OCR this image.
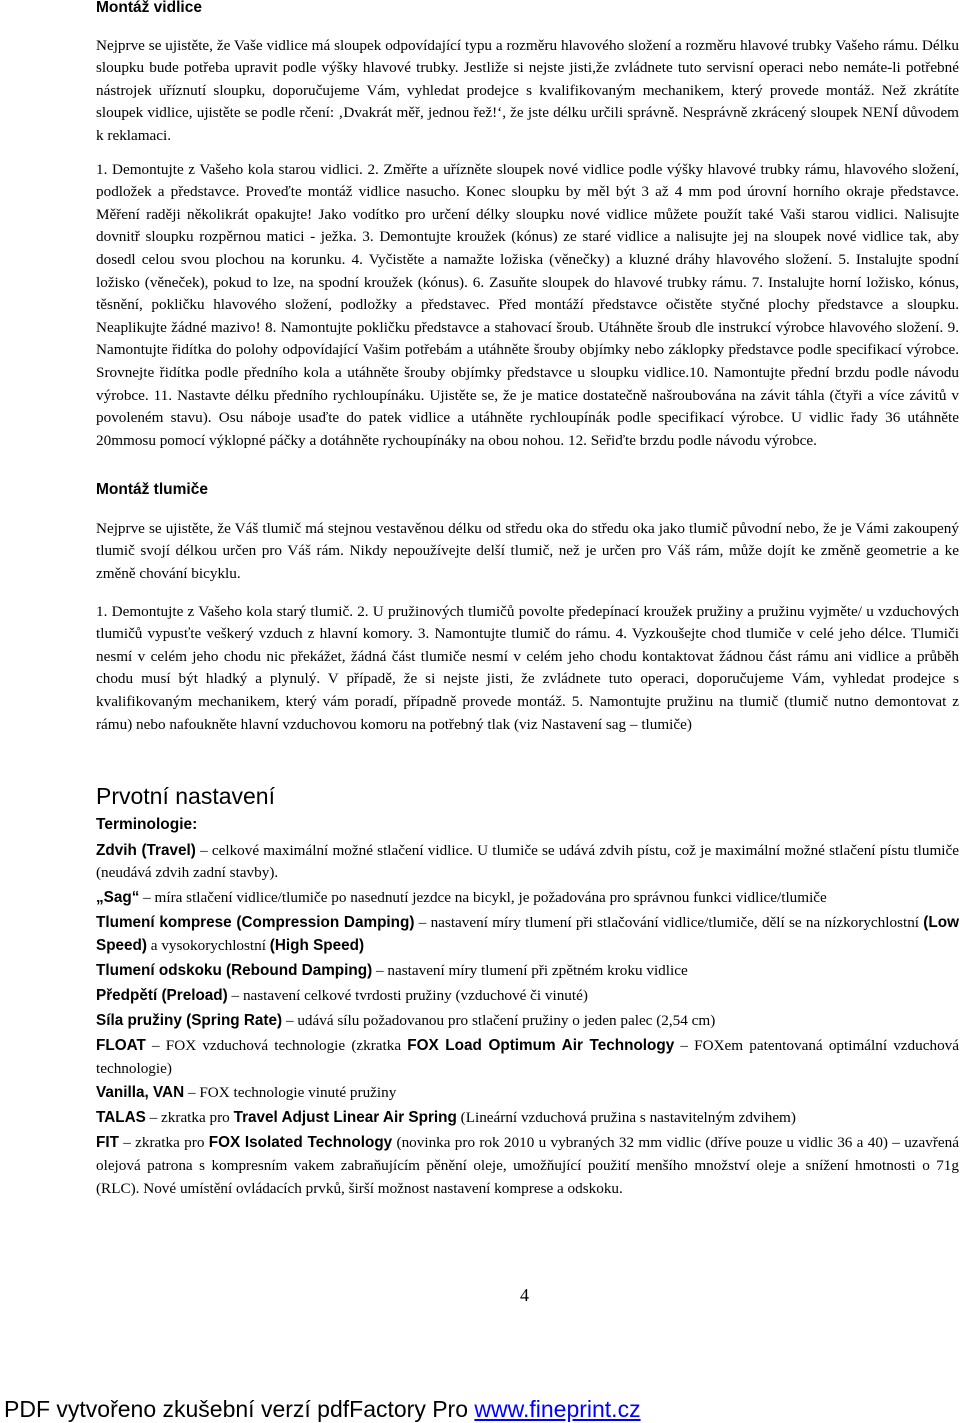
Montáž vidlice

Nejprve se ujistěte, že Vaše vidlice má sloupek odpovídající typu a rozměru hlavového složení a rozměru hlavové trubky Vašeho rámu. Délku sloupku bude potřeba upravit podle výšky hlavové trubky. Jestliže si nejste jisti,že zvládnete tuto servisní operaci nebo nemáte-li potřebné nástrojek uříznutí sloupku, doporučujeme Vám, vyhledat prodejce s kvalifikovaným mechanikem, který provede montáž. Než zkrátíte sloupek vidlice, ujistěte se podle rčení: ‚Dvakrát měř, jednou řež!‘, že jste délku určili správně. Nesprávně zkrácený sloupek NENÍ důvodem k reklamaci.

1. Demontujte z Vašeho kola starou vidlici. 2. Změřte a uřízněte sloupek nové vidlice podle výšky hlavové trubky rámu, hlavového složení, podložek a představce. Proveďte montáž vidlice nasucho. Konec sloupku by měl být 3 až 4 mm pod úrovní horního okraje představce. Měření raději několikrát opakujte! Jako vodítko pro určení délky sloupku nové vidlice můžete použít také Vaši starou vidlici. Nalisujte dovnitř sloupku rozpěrnou matici - ježka. 3. Demontujte kroužek (kónus) ze staré vidlice a nalisujte jej na sloupek nové vidlice tak, aby dosedl celou svou plochou na korunku. 4. Vyčistěte a namažte ložiska (věnečky) a kluzné dráhy hlavového složení. 5. Instalujte spodní ložisko (věneček), pokud to lze, na spodní kroužek (kónus). 6. Zasuňte sloupek do hlavové trubky rámu. 7. Instalujte horní ložisko, kónus, těsnění, pokličku hlavového složení, podložky a představec. Před montáží představce očistěte styčné plochy představce a sloupku. Neaplikujte žádné mazivo! 8. Namontujte pokličku představce a stahovací šroub. Utáhněte šroub dle instrukcí výrobce hlavového složení. 9. Namontujte řidítka do polohy odpovídající Vašim potřebám a utáhněte šrouby objímky nebo záklopky představce podle specifikací výrobce. Srovnejte řidítka podle předního kola a utáhněte šrouby objímky představce u sloupku vidlice.10. Namontujte přední brzdu podle návodu výrobce. 11. Nastavte délku předního rychloupínáku. Ujistěte se, že je matice dostatečně našroubována na závit táhla (čtyři a více závitů v povoleném stavu). Osu náboje usaďte do patek vidlice a utáhněte rychloupínák podle specifikací výrobce. U vidlic řady 36 utáhněte 20mmosu pomocí výklopné páčky a dotáhněte rychoupínáky na obou nohou. 12. Seřiďte brzdu podle návodu výrobce.

Montáž tlumiče

Nejprve se ujistěte, že Váš tlumič má stejnou vestavěnou délku od středu oka do středu oka jako tlumič původní nebo, že je Vámi zakoupený tlumič svojí délkou určen pro Váš rám. Nikdy nepoužívejte delší tlumič, než je určen pro Váš rám, může dojít ke změně geometrie a ke změně chování bicyklu.

1. Demontujte z Vašeho kola starý tlumič. 2. U pružinových tlumičů povolte předepínací kroužek pružiny a pružinu vyjměte/ u vzduchových tlumičů vypusťte veškerý vzduch z hlavní komory. 3. Namontujte tlumič do rámu. 4. Vyzkoušejte chod tlumiče v celé jeho délce. Tlumiči nesmí v celém jeho chodu nic překážet, žádná část tlumiče nesmí v celém jeho chodu kontaktovat žádnou část rámu ani vidlice a průběh chodu musí být hladký a plynulý. V případě, že si nejste jisti, že zvládnete tuto operaci, doporučujeme Vám, vyhledat prodejce s kvalifikovaným mechanikem, který vám poradí, případně provede montáž. 5. Namontujte pružinu na tlumič (tlumič nutno demontovat z rámu) nebo nafoukněte hlavní vzduchovou komoru na potřebný tlak (viz Nastavení sag – tlumiče)

Prvotní nastavení
Terminologie:

Zdvih (Travel) – celkové maximální možné stlačení vidlice. U tlumiče se udává zdvih pístu, což je maximální možné stlačení pístu tlumiče (neudává zdvih zadní stavby).

„Sag“ – míra stlačení vidlice/tlumiče po nasednutí jezdce na bicykl, je požadována pro správnou funkci vidlice/tlumiče

Tlumení komprese (Compression Damping) – nastavení míry tlumení při stlačování vidlice/tlumiče, dělí se na nízkorychlostní (Low Speed) a vysokorychlostní (High Speed)

Tlumení odskoku (Rebound Damping) – nastavení míry tlumení při zpětném kroku vidlice

Předpětí (Preload) – nastavení celkové tvrdosti pružiny (vzduchové či vinuté)

Síla pružiny (Spring Rate) – udává sílu požadovanou pro stlačení pružiny o jeden palec (2,54 cm)

FLOAT – FOX vzduchová technologie (zkratka FOX Load Optimum Air Technology – FOXem patentovaná optimální vzduchová technologie)

Vanilla, VAN – FOX technologie vinuté pružiny

TALAS – zkratka pro Travel Adjust Linear Air Spring (Lineární vzduchová pružina s nastavitelným zdvihem)

FIT – zkratka pro FOX Isolated Technology (novinka pro rok 2010 u vybraných 32 mm vidlic (dříve pouze u vidlic 36 a 40) – uzavřená olejová patrona s kompresním vakem zabraňujícím pěnění oleje, umožňující použití menšího množství oleje a snížení hmotnosti o 71g (RLC). Nové umístění ovládacích prvků, širší možnost nastavení komprese a odskoku.

4
PDF vytvořeno zkušební verzí pdfFactory Pro www.fineprint.cz
